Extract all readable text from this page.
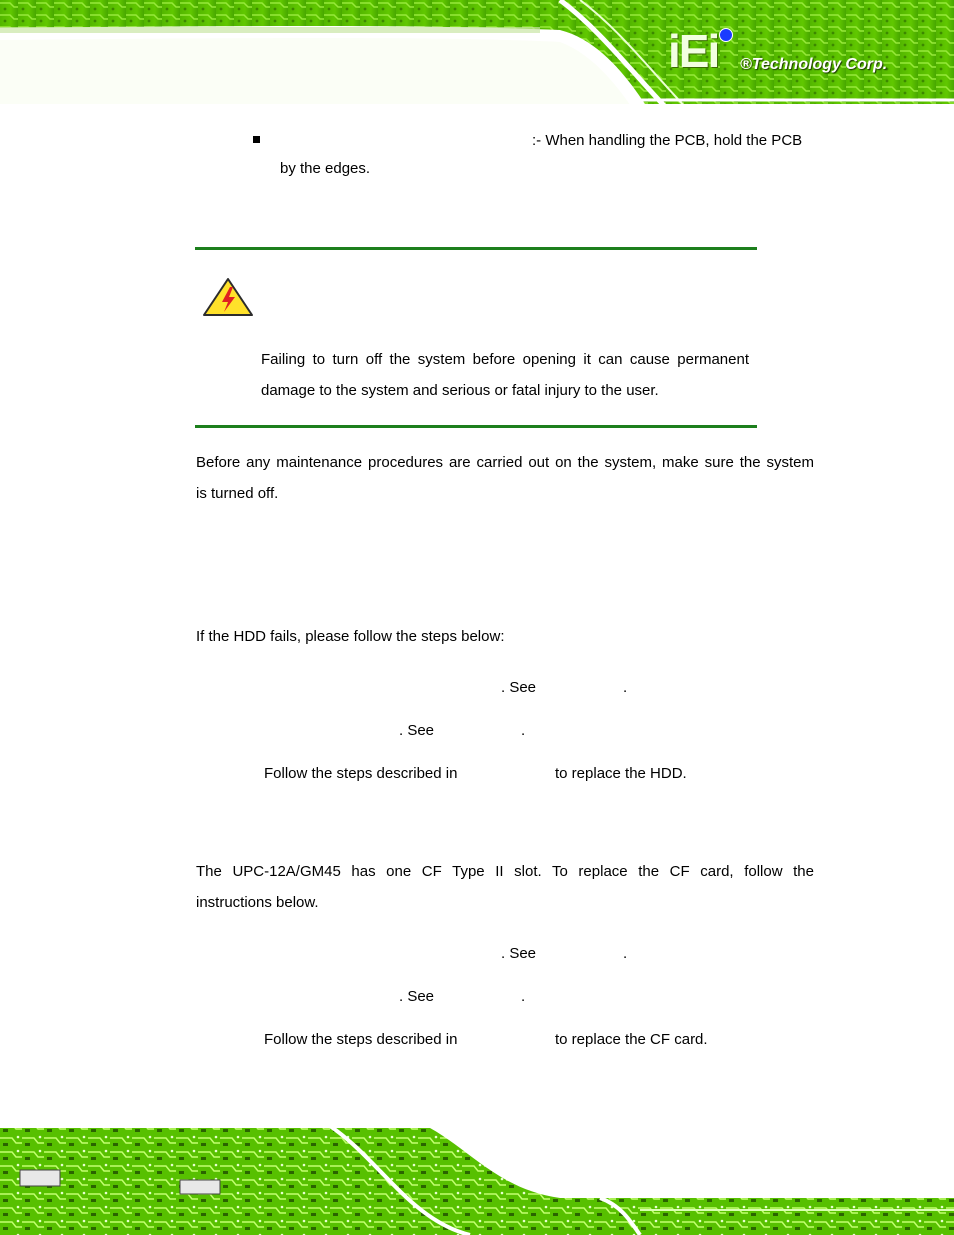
iEi ®Technology Corp.
:- When handling the PCB, hold the PCB
by the edges.
Failing to turn off the system before opening it can cause permanent
damage to the system and serious or fatal injury to the user.
Before any maintenance procedures are carried out on the system, make sure the system
is turned off.
If the HDD fails, please follow the steps below:
. See	.
. See	.
Follow the steps described in	to replace the HDD.
The UPC-12A/GM45 has one CF Type II slot. To replace the CF card, follow the
instructions below.
. See	.
. See	.
Follow the steps described in	to replace the CF card.
